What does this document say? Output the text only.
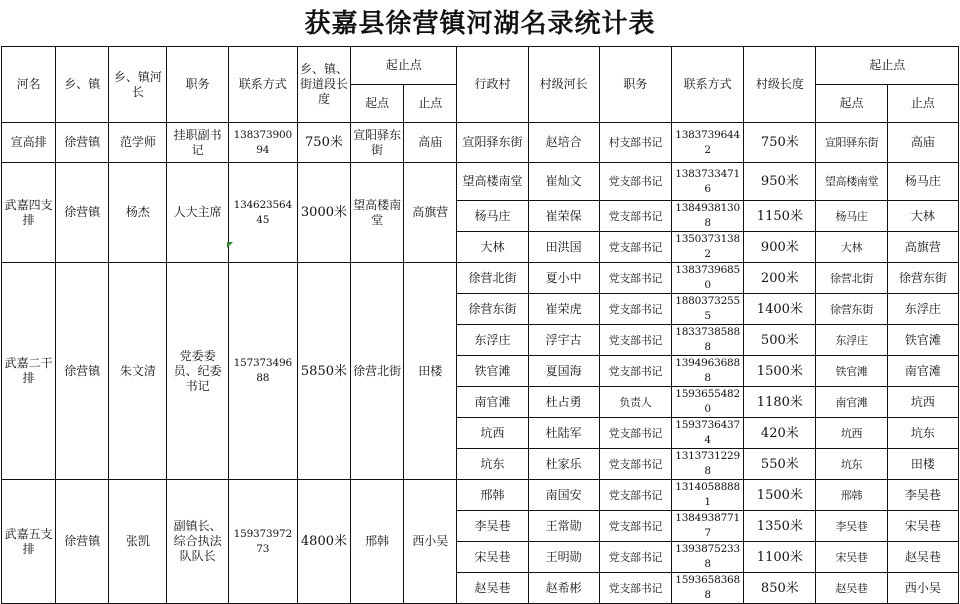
获嘉县徐营镇河湖名录统计表
河名	乡、镇	乡、镇河长	职务	联系方式	乡、镇、街道段长度	起止点		行政村	村级河长	职务	联系方式	村级长度	起止点	
						起点	止点						起点	止点
宣高排	徐营镇	范学师	挂职副书记	13837390094	750米	宣阳驿东街	高庙	宣阳驿东街	赵培合	村支部书记	13837396442	750米	宣阳驿东街	高庙
武嘉四支排	徐营镇	杨杰	人大主席	13462356445	3000米	望高楼南堂	高旗营	望高楼南堂	崔灿文	党支部书记	13837334716	950米	望高楼南堂	杨马庄
								杨马庄	崔荣保	党支部书记	13849381308	1150米	杨马庄	大林
								大林	田洪国	党支部书记	13503731382	900米	大林	高旗营
武嘉二干排	徐营镇	朱文清	党委委员、纪委书记	15737349688	5850米	徐营北街	田楼	徐营北街	夏小中	党支部书记	13837396850	200米	徐营北街	徐营东街
								徐营东街	崔荣虎	党支部书记	18803732555	1400米	徐营东街	东浮庄
								东浮庄	浮宇古	党支部书记	18337385888	500米	东浮庄	铁官滩
								铁官滩	夏国海	党支部书记	13949636888	1500米	铁官滩	南官滩
								南官滩	杜占勇	负责人	15936554820	1180米	南官滩	坑西
								坑西	杜陆军	党支部书记	15937364374	420米	坑西	坑东
								坑东	杜家乐	党支部书记	13137312298	550米	坑东	田楼
武嘉五支排	徐营镇	张凯	副镇长、综合执法队队长	15937397273	4800米	邢韩	西小吴	邢韩	南国安	党支部书记	13140588881	1500米	邢韩	李吴巷
								李吴巷	王常勋	党支部书记	13849387717	1350米	李吴巷	宋吴巷
								宋吴巷	王明勋	党支部书记	13938752338	1100米	宋吴巷	赵吴巷
								赵吴巷	赵希彬	党支部书记	15936583688	850米	赵吴巷	西小吴
